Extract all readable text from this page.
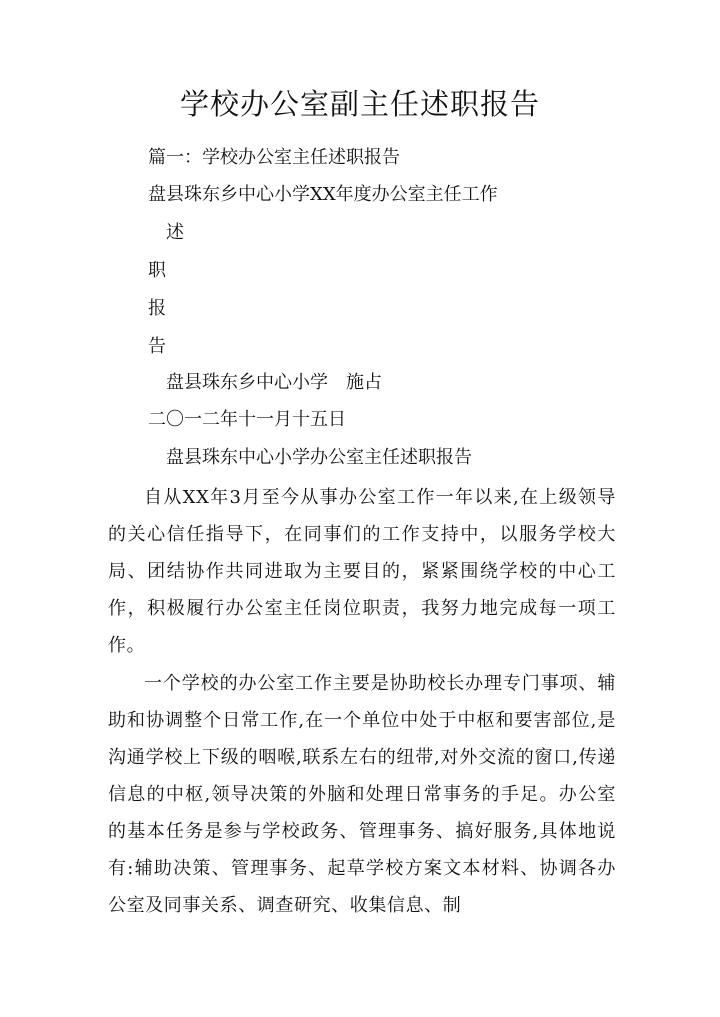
学校办公室副主任述职报告
篇一：学校办公室主任述职报告
盘县珠东乡中心小学XX年度办公室主任工作
述
职
报
告
盘县珠东乡中心小学　施占
二〇一二年十一月十五日
盘县珠东中心小学办公室主任述职报告
自从XX年3月至今从事办公室工作一年以来,在上级领导的关心信任指导下，在同事们的工作支持中，以服务学校大局、团结协作共同进取为主要目的，紧紧围绕学校的中心工作，积极履行办公室主任岗位职责，我努力地完成每一项工作。
一个学校的办公室工作主要是协助校长办理专门事项、辅助和协调整个日常工作,在一个单位中处于中枢和要害部位,是沟通学校上下级的咽喉,联系左右的纽带,对外交流的窗口,传递信息的中枢,领导决策的外脑和处理日常事务的手足。办公室的基本任务是参与学校政务、管理事务、搞好服务,具体地说有:辅助决策、管理事务、起草学校方案文本材料、协调各办公室及同事关系、调查研究、收集信息、制
